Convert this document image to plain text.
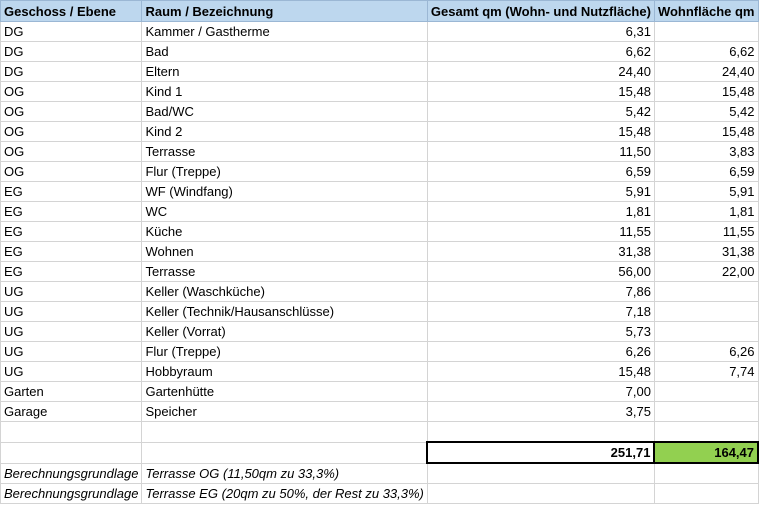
Geschoss / Ebene	Raum / Bezeichnung	Gesamt qm (Wohn- und Nutzfläche)	Wohnfläche qm
DG	Kammer / Gastherme	6,31	
DG	Bad	6,62	6,62
DG	Eltern	24,40	24,40
OG	Kind 1	15,48	15,48
OG	Bad/WC	5,42	5,42
OG	Kind 2	15,48	15,48
OG	Terrasse	11,50	3,83
OG	Flur (Treppe)	6,59	6,59
EG	WF (Windfang)	5,91	5,91
EG	WC	1,81	1,81
EG	Küche	11,55	11,55
EG	Wohnen	31,38	31,38
EG	Terrasse	56,00	22,00
UG	Keller (Waschküche)	7,86	
UG	Keller (Technik/Hausanschlüsse)	7,18	
UG	Keller (Vorrat)	5,73	
UG	Flur (Treppe)	6,26	6,26
UG	Hobbyraum	15,48	7,74
Garten	Gartenhütte	7,00	
Garage	Speicher	3,75	

		251,71	164,47
Berechnungsgrundlage	Terrasse OG (11,50qm zu 33,3%)		
Berechnungsgrundlage	Terrasse EG (20qm zu 50%, der Rest zu 33,3%)		
